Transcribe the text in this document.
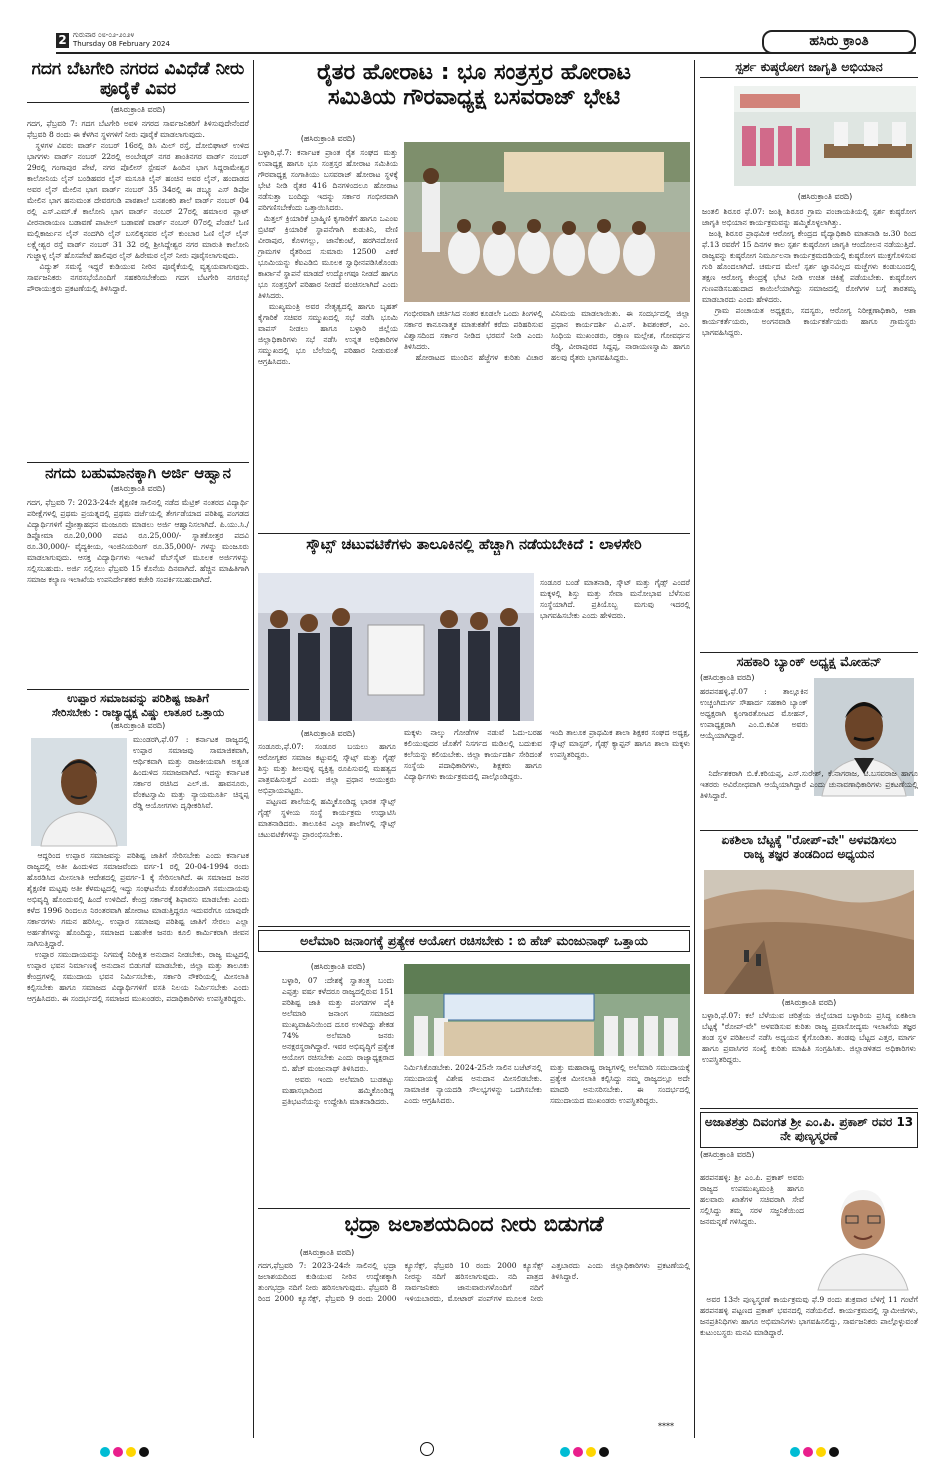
2 ಗುರುವಾರ ೦೮-೦೨-೨೦೨೪
Thursday 08 February 2024	ಹಸಿರು ಕ್ರಾಂತಿ
ಗದಗ ಬೆಟಗೇರಿ ನಗರದ ವಿವಿಧೆಡೆ ನೀರು ಪೂರೈಕೆ ವಿವರ
(ಹಸಿರುಕ್ರಾಂತಿ ವರದಿ)
ಗದಗ, ಫೆಬ್ರವರಿ 7: ಗದಗ ಬೆಟಗೇರಿ ಅವಳಿ ನಗರದ ಸಾರ್ವಜನಿಕರಿಗೆ ತಿಳಿಸುವುದೇನೆಂದರೆ ಫೆಬ್ರವರಿ 8 ರಂದು ಈ ಕೆಳಗಿನ ಸ್ಥಳಗಳಿಗೆ ನೀರು ಪೂರೈಕೆ ಮಾಡಲಾಗುವುದು.
ಸ್ಥಳಗಳ ವಿವರ: ವಾರ್ಡ್ ನಂಬರ್ 16ರಲ್ಲಿ ಡಿಸಿ ಮಿಲ್ ರಸ್ತೆ, ದೋಬಿಘಾಟ್ ಉಳಿದ ಭಾಗಗಳು ವಾರ್ಡ್ ನಂಬರ್ 22ರಲ್ಲಿ ಅಂಬೇಡ್ಕರ್ ನಗರ ಶಾಂತಿನಗರ ವಾರ್ಡ್ ನಂಬರ್ 29ರಲ್ಲಿ ಗಂಗಾಪುರ ಪೇಟೆ, ನಗರ ಪೊಲೀಸ್ ಸ್ಟೇಷನ್ ಹಿಂದಿನ ಭಾಗ ಸಿದ್ದರಾಮೇಶ್ವರ ಕಾಲೋನಿಯ ಲೈನ್ ಬಂಡಿಹವರ ಲೈನ್ ಮಸೂತಿ ಲೈನ್ ಹಂಚಿನ ಅವರ ಲೈನ್, ಹಂದಾಡದ ಅವರ ಲೈನ್ ಮೇಲಿನ ಭಾಗ ವಾರ್ಡ್ ನಂಬರ್ 35 34ರಲ್ಲಿ ಈ ಡಬ್ಲ್ಯೂ ಎಸ್ ಡಿಪೋ ಮೇಲಿನ ಭಾಗ ಹನುಮಂತ ದೇವರಗುಡಿ ಪಾಠಶಾಲೆ ಬನಶಂಕರಿ ಶಾಲೆ ವಾರ್ಡ್ ನಂಬರ್ 04 ರಲ್ಲಿ ಎಸ್.ಎಮ್.ಕೆ ಕಾಲೋನಿ ಭಾಗ ವಾರ್ಡ್ ನಂಬರ್ 27ರಲ್ಲಿ ಹಮಾಲರ ಪ್ಲಾಟ್ ವೀರನಾರಾಯಣ ಬಡಾವಣೆ ಪಾಟೀಲ್ ಬಡಾವಣೆ ವಾರ್ಡ್ ನಂಬರ್ 07ರಲ್ಲಿ ಪೆಂಡಲೆ ಓಣಿ ಮಲ್ಲಿಕಾರ್ಜುನ ಲೈನ್ ನಂದಗಿರಿ ಲೈನ್ ಬಸಲಿಕ್ಕನವರ ಲೈನ್ ಕುಂಬಾರ ಓಣಿ ಲೈನ್ ಲೈನ್ ಲಕ್ಷ್ಮೇಶ್ವರ ರಸ್ತೆ ವಾರ್ಡ್ ನಂಬರ್ 31 32 ರಲ್ಲಿ ಶ್ರೀಸಿದ್ದೇಶ್ವರ ನಗರ ಮಾರುತಿ ಕಾಲೋನಿ ಗುಜ್ಜಾಳ್ಳ ಲೈನ್ ಹೊಸಪೇಟೆ ಹಾಲಿಪುರ ಲೈನ್ ಹಿರೇಮಠ ಲೈನ್ ನೀರು ಪೂರೈಸಲಾಗುವುದು.
ವಿದ್ಯುತ್ ಸಮಸ್ಯೆ ಇದ್ದರೆ ಕುಡಿಯುವ ನೀರಿನ ಪೂರೈಕೆಯಲ್ಲಿ ವ್ಯತ್ಯಯವಾಗುವುದು. ಸಾರ್ವಜನಿಕರು ನಗರಸಭೆಯೊಂದಿಗೆ ಸಹಕರಿಸಬೇಕೆಂದು ಗದಗ ಬೆಟಗೇರಿ ನಗರಸಭೆ ಪೌರಾಯುಕ್ತರು ಪ್ರಕಟಣೆಯಲ್ಲಿ ತಿಳಿಸಿದ್ದಾರೆ.
ನಗದು ಬಹುಮಾನಕ್ಕಾಗಿ ಅರ್ಜಿ ಆಹ್ವಾನ
(ಹಸಿರುಕ್ರಾಂತಿ ವರದಿ)
ಗದಗ, ಫೆಬ್ರವರಿ 7: 2023-24ನೇ ಶೈಕ್ಷಣಿಕ ಸಾಲಿನಲ್ಲಿ ನಡೆದ ಮೆಟ್ರಿಕ್ ನಂತರದ ವಿದ್ಯಾರ್ಥಿ ಪರೀಕ್ಷೆಗಳಲ್ಲಿ ಪ್ರಥಮ ಪ್ರಯತ್ನದಲ್ಲಿ ಪ್ರಥಮ ದರ್ಜೆಯಲ್ಲಿ ತೇರ್ಗಡೆಯಾದ ಪರಿಶಿಷ್ಟ ಪಂಗಡದ ವಿದ್ಯಾರ್ಥಿಗಳಿಗೆ ಪ್ರೋತ್ಸಾಹಧನ ಮಂಜೂರು ಮಾಡಲು ಅರ್ಜಿ ಆಹ್ವಾನಿಸಲಾಗಿದೆ. ಪಿ.ಯು.ಸಿ./ಡಿಪ್ಲೋಮಾ ರೂ.20,000 ಪದವಿ ರೂ.25,000/- ಸ್ನಾತಕೋತ್ತರ ಪದವಿ ರೂ.30,000/- ವೈದ್ಯಕೀಯ, ಇಂಜಿನಿಯರಿಂಗ್ ರೂ.35,000/- ಗಳನ್ನು ಮಂಜೂರು ಮಾಡಲಾಗುವುದು. ಆಸಕ್ತ ವಿದ್ಯಾರ್ಥಿಗಳು ಇಲಾಖೆ ವೆಬ್‌ಸೈಟ್ ಮೂಲಕ ಅರ್ಜಿಗಳನ್ನು ಸಲ್ಲಿಸಬಹುದು. ಅರ್ಜಿ ಸಲ್ಲಿಸಲು ಫೆಬ್ರವರಿ 15 ಕೊನೆಯ ದಿನವಾಗಿದೆ. ಹೆಚ್ಚಿನ ಮಾಹಿತಿಗಾಗಿ ಸಮಾಜ ಕಲ್ಯಾಣ ಇಲಾಖೆಯ ಉಪನಿರ್ದೇಶಕರ ಕಚೇರಿ ಸಂಪರ್ಕಿಸಬಹುದಾಗಿದೆ.
ಉಪ್ಪಾರ ಸಮಾಜವನ್ನು ಪರಿಶಿಷ್ಟ ಜಾತಿಗೆ
ಸೇರಿಸಬೇಕು : ರಾಜ್ಯಾಧ್ಯಕ್ಷ ವಿಷ್ಣು ಲಾತೂರ ಒತ್ತಾಯ
(ಹಸಿರುಕ್ರಾಂತಿ ವರದಿ)
ಮುಂಡರಗಿ,ಫೆ.07 : ಕರ್ನಾಟಕ ರಾಜ್ಯದಲ್ಲಿ ಉಪ್ಪಾರ ಸಮಾಜವು ಸಾಮಾಜಿಕವಾಗಿ, ಆರ್ಥಿಕವಾಗಿ ಮತ್ತು ರಾಜಕೀಯವಾಗಿ ಅತ್ಯಂತ ಹಿಂದುಳಿದ ಸಮಾಜವಾಗಿದೆ. ಇದನ್ನು ಕರ್ನಾಟಕ ಸರ್ಕಾರ ರಚಿಸಿದ ಎಲ್.ಜಿ. ಹಾವನೂರು, ವೆಂಕಟಸ್ವಾಮಿ ಮತ್ತು ನ್ಯಾಯಮೂರ್ತಿ ಚಿನ್ನಪ್ಪ ರೆಡ್ಡಿ ಆಯೋಗಗಳು ದೃಢೀಕರಿಸಿವೆ.
ಆದ್ದರಿಂದ ಉಪ್ಪಾರ ಸಮಾಜವನ್ನು ಪರಿಶಿಷ್ಟ ಜಾತಿಗೆ ಸೇರಿಸಬೇಕು ಎಂದು ಕರ್ನಾಟಕ ರಾಜ್ಯದಲ್ಲಿ ಅತೀ ಹಿಂದುಳಿದ ಸಮಾಜವೆಂದು ವರ್ಗ-1 ರಲ್ಲಿ 20-04-1994 ರಂದು ಹೊರಡಿಸಿದ ಮೀಸಲಾತಿ ಆದೇಶದಲ್ಲಿ ಪ್ರವರ್ಗ-1 ಕ್ಕೆ ಸೇರಿಸಲಾಗಿದೆ. ಈ ಸಮಾಜದ ಜನರ ಶೈಕ್ಷಣಿಕ ಮಟ್ಟವು ಅತೀ ಕೆಳಮಟ್ಟದಲ್ಲಿ ಇದ್ದು ಸಂಘಟನೆಯ ಕೊರತೆಯಿಂದಾಗಿ ಸಮುದಾಯವು ಅಭಿವೃದ್ಧಿ ಹೊಂದುವಲ್ಲಿ ಹಿಂದೆ ಉಳಿದಿದೆ. ಕೇಂದ್ರ ಸರ್ಕಾರಕ್ಕೆ ಶಿಫಾರಸು ಮಾಡಬೇಕು ಎಂದು ಕಳೆದ 1996 ರಿಂದಲೂ ನಿರಂತರವಾಗಿ ಹೋರಾಟ ಮಾಡುತ್ತಿದ್ದರೂ ಇದುವರೆಗೂ ಯಾವುದೇ ಸರ್ಕಾರಗಳು ಗಮನ ಹರಿಸಿಲ್ಲ. ಉಪ್ಪಾರ ಸಮಾಜವು ಪರಿಶಿಷ್ಟ ಜಾತಿಗೆ ಸೇರಲು ಎಲ್ಲಾ ಅರ್ಹತೆಗಳನ್ನು ಹೊಂದಿದ್ದು, ಸಮಾಜದ ಬಹುತೇಕ ಜನರು ಕೂಲಿ ಕಾರ್ಮಿಕರಾಗಿ ಜೀವನ ಸಾಗಿಸುತ್ತಿದ್ದಾರೆ.
ಉಪ್ಪಾರ ಸಮುದಾಯವನ್ನು ನಿಗಮಕ್ಕೆ ನಿರೀಕ್ಷಿತ ಅನುದಾನ ನೀಡಬೇಕು, ರಾಜ್ಯ ಮಟ್ಟದಲ್ಲಿ ಉಪ್ಪಾರ ಭವನ ನಿರ್ಮಾಣಕ್ಕೆ ಅನುದಾನ ಬಿಡುಗಡೆ ಮಾಡಬೇಕು, ಜಿಲ್ಲಾ ಮತ್ತು ತಾಲೂಕು ಕೇಂದ್ರಗಳಲ್ಲಿ ಸಮುದಾಯ ಭವನ ನಿರ್ಮಿಸಬೇಕು, ಸರ್ಕಾರಿ ನೌಕರಿಯಲ್ಲಿ ಮೀಸಲಾತಿ ಕಲ್ಪಿಸಬೇಕು ಹಾಗೂ ಸಮಾಜದ ವಿದ್ಯಾರ್ಥಿಗಳಿಗೆ ವಸತಿ ನಿಲಯ ನಿರ್ಮಿಸಬೇಕು ಎಂದು ಆಗ್ರಹಿಸಿದರು. ಈ ಸಂದರ್ಭದಲ್ಲಿ ಸಮಾಜದ ಮುಖಂಡರು, ಪದಾಧಿಕಾರಿಗಳು ಉಪಸ್ಥಿತರಿದ್ದರು.
ರೈತರ ಹೋರಾಟ : ಭೂ ಸಂತ್ರಸ್ತರ ಹೋರಾಟ
ಸಮಿತಿಯ ಗೌರವಾಧ್ಯಕ್ಷ ಬಸವರಾಜ್ ಭೇಟಿ
(ಹಸಿರುಕ್ರಾಂತಿ ವರದಿ)
ಬಳ್ಳಾರಿ,ಫೆ.7: ಕರ್ನಾಟಕ ಪ್ರಾಂತ ರೈತ ಸಂಘದ ಮತ್ತು ಉಪಾಧ್ಯಕ್ಷ ಹಾಗೂ ಭೂ ಸಂತ್ರಸ್ತರ ಹೋರಾಟ ಸಮಿತಿಯ ಗೌರವಾಧ್ಯಕ್ಷ ಸಂಗಾತಿಯು ಬಸವರಾಜ್ ಹೋರಾಟ ಸ್ಥಳಕ್ಕೆ ಭೇಟಿ ನೀಡಿ ರೈತರ 416 ದಿನಗಳಿಂದಲೂ ಹೋರಾಟ ನಡೆಸುತ್ತಾ ಬಂದಿದ್ದು ಇದನ್ನು ಸರ್ಕಾರ ಗಂಭೀರವಾಗಿ ಪರಿಗಣಿಸಬೇಕೆಂದು ಒತ್ತಾಯಿಸಿದರು.
ಮಿತ್ತಲ್ ಕ್ರಿಯಾರಿಕೆ ಬ್ರಾಹ್ಮಿಣಿ ಕೃಗಾರಿಕೆಗೆ ಹಾಗೂ ಒಎಂಐ ಬ್ರಿಟಿಷ್ ಕ್ರಿಯಾರಿಕೆ ಸ್ಥಾಪನೆಗಾಗಿ ಕುಡುತಿನಿ, ವೇಣಿ ವೀರಾಪುರ, ಕೊಳಗಲ್ಲು, ಜಾನೆಕುಂಟೆ, ಹರಗಿನದೋಣಿ ಗ್ರಾಮಗಳ ರೈತರಿಂದ ಸುಮಾರು 12500 ಎಕರೆ ಭೂಮಿಯನ್ನು ಕೆಐಎಡಿಬಿ ಮೂಲಕ ಸ್ವಾಧೀನಪಡಿಸಿಕೊಂಡು ಕಾರ್ಖಾನೆ ಸ್ಥಾಪನೆ ಮಾಡದೆ ಉದ್ಯೋಗವೂ ನೀಡದೆ ಹಾಗೂ ಭೂ ಸಂತ್ರಸ್ತರಿಗೆ ಪರಿಹಾರ ನೀಡದೆ ವಂಚಿಸಲಾಗಿದೆ ಎಂದು ತಿಳಿಸಿದರು.
ಮುಖ್ಯಮಂತ್ರಿ ಅವರ ನೇತೃತ್ವದಲ್ಲಿ ಹಾಗೂ ಬೃಹತ್ ಕೈಗಾರಿಕೆ ಸಚಿವರ ಸಮ್ಮುಖದಲ್ಲಿ ಸಭೆ ನಡೆಸಿ ಭೂಮಿ ವಾಪಸ್ ನೀಡಲು ಹಾಗೂ ಬಳ್ಳಾರಿ ಜಿಲ್ಲೆಯ ಜಿಲ್ಲಾಧಿಕಾರಿಗಳು ಸಭೆ ನಡೆಸಿ ಉನ್ನತ ಅಧಿಕಾರಿಗಳ ಸಮ್ಮುಖದಲ್ಲಿ ಭೂ ಬೆಲೆಯಲ್ಲಿ ಪರಿಹಾರ ನೀಡುವಂತೆ ಆಗ್ರಹಿಸಿದರು.
ಗಂಭೀರವಾಗಿ ಚರ್ಚಿಸಿದ ನಂತರ ಕೂಡಲೇ ಒಂದು ತಿಂಗಳಲ್ಲಿ ಸರ್ಕಾರ ಕಾನೂನಾತ್ಮಕ ಮಾತುಕತೆಗೆ ಕರೆದು ಪರಿಹರಿಸುವ ವಿಶ್ವಾಸದಿಂದ ಸರ್ಕಾರ ನೀಡಿದ ಭರವಸೆ ನೀಡಿ ಎಂದು ತಿಳಿಸಿದರು.
ಹೋರಾಟದ ಮುಂದಿನ ಹೆಜ್ಜೆಗಳ ಕುರಿತು ವಿಚಾರ ವಿನಿಮಯ ಮಾಡಲಾಯಿತು. ಈ ಸಂದರ್ಭದಲ್ಲಿ ಜಿಲ್ಲಾ ಪ್ರಧಾನ ಕಾರ್ಯದರ್ಶಿ ವಿ.ಎಸ್. ಶಿವಶಂಕರ್, ಎಂ. ಸಿಂಧಿಯ ಮುಖಂಡರು, ರಕ್ತಾಣ ಮಲ್ಲೇಶ, ಗೋವರ್ಧನ ರೆಡ್ಡಿ, ವೀರಾಪುರದ ಸಿದ್ದಪ್ಪ, ನಾರಾಯಣಸ್ವಾಮಿ ಹಾಗೂ ಹಲವು ರೈತರು ಭಾಗವಹಿಸಿದ್ದರು.
ಸ್ಕೌಟ್ಸ್ ಚಟುವಟಿಕೆಗಳು ತಾಲೂಕಿನಲ್ಲಿ ಹೆಚ್ಚಾಗಿ ನಡೆಯಬೇಕಿದೆ : ಲಾಳಸೇರಿ
ಸಂಡೂರ ಬಂಡೆ ಮಾತನಾಡಿ, ಸ್ಕೌಟ್ ಮತ್ತು ಗೈಡ್ಸ್ ಎಂದರೆ ಮಕ್ಕಳಲ್ಲಿ ಶಿಸ್ತು ಮತ್ತು ಸೇವಾ ಮನೋಭಾವ ಬೆಳೆಸುವ ಸಂಸ್ಥೆಯಾಗಿದೆ. ಪ್ರತಿಯೊಬ್ಬ ಮಗುವು ಇದರಲ್ಲಿ ಭಾಗವಹಿಸಬೇಕು ಎಂದು ಹೇಳಿದರು.
(ಹಸಿರುಕ್ರಾಂತಿ ವರದಿ)
ಸಂಡೂರು,ಫೆ.07: ಸಂಡೂರ ಬಯಲು ಹಾಗೂ ಆರೋಗ್ಯಕರ ಸಮಾಜ ಕಟ್ಟುವಲ್ಲಿ ಸ್ಕೌಟ್ಸ್ ಮತ್ತು ಗೈಡ್ಸ್ ಶಿಸ್ತು ಮತ್ತು ಶೀಲವುಳ್ಳ ವ್ಯಕ್ತಿತ್ವ ರೂಪಿಸುವಲ್ಲಿ ಮಹತ್ವದ ಪಾತ್ರವಹಿಸುತ್ತದೆ ಎಂದು ಜಿಲ್ಲಾ ಪ್ರಧಾನ ಆಯುಕ್ತರು ಅಭಿಪ್ರಾಯಪಟ್ಟರು.
ಪಟ್ಟಣದ ಶಾಲೆಯಲ್ಲಿ ಹಮ್ಮಿಕೊಂಡಿದ್ದ ಭಾರತ ಸ್ಕೌಟ್ಸ್ ಗೈಡ್ಸ್ ಸ್ಥಳೀಯ ಸಂಸ್ಥೆ ಕಾರ್ಯಕ್ರಮ ಉದ್ಘಾಟಿಸಿ ಮಾತನಾಡಿದರು. ತಾಲೂಕಿನ ಎಲ್ಲಾ ಶಾಲೆಗಳಲ್ಲಿ ಸ್ಕೌಟ್ಸ್ ಚಟುವಟಿಕೆಗಳನ್ನು ಪ್ರಾರಂಭಿಸಬೇಕು.
ಮಕ್ಕಳು ನಾಲ್ಕು ಗೋಡೆಗಳ ನಡುವೆ ಓದು-ಬರಹ ಕಲಿಯುವುದರ ಜೊತೆಗೆ ನಿಸರ್ಗದ ಮಡಿಲಲ್ಲಿ ಬದುಕುವ ಕಲೆಯನ್ನು ಕಲಿಯಬೇಕು. ಜಿಲ್ಲಾ ಕಾರ್ಯದರ್ಶಿ ಸೇರಿದಂತೆ ಸಂಸ್ಥೆಯ ಪದಾಧಿಕಾರಿಗಳು, ಶಿಕ್ಷಕರು ಹಾಗೂ ವಿದ್ಯಾರ್ಥಿಗಳು ಕಾರ್ಯಕ್ರಮದಲ್ಲಿ ಪಾಲ್ಗೊಂಡಿದ್ದರು.
ಇಂದಿ ತಾಲೂಕ ಪ್ರಾಥಮಿಕ ಶಾಲಾ ಶಿಕ್ಷಕರ ಸಂಘದ ಅಧ್ಯಕ್ಷ, ಸ್ಕೌಟ್ಸ್ ಮಾಸ್ಟರ್, ಗೈಡ್ಸ್ ಕ್ಯಾಪ್ಟನ್ ಹಾಗೂ ಶಾಲಾ ಮಕ್ಕಳು ಉಪಸ್ಥಿತರಿದ್ದರು.
ಅಲೆಮಾರಿ ಜನಾಂಗಕ್ಕೆ ಪ್ರತ್ಯೇಕ ಆಯೋಗ ರಚಿಸಬೇಕು : ಬಿ ಹೆಚ್ ಮಂಜುನಾಥ್ ಒತ್ತಾಯ
(ಹಸಿರುಕ್ರಾಂತಿ ವರದಿ)
ಬಳ್ಳಾರಿ, 07 :ದೇಶಕ್ಕೆ ಸ್ವಾತಂತ್ರ್ಯ ಬಂದು ಎಪ್ಪತ್ತು ವರ್ಷ ಕಳೆದರೂ ರಾಜ್ಯದಲ್ಲಿರುವ 151 ಪರಿಶಿಷ್ಟ ಜಾತಿ ಮತ್ತು ಪಂಗಡಗಳ ಪೈಕಿ ಅಲೆಮಾರಿ ಜನಾಂಗ ಸಮಾಜದ ಮುಖ್ಯವಾಹಿನಿಯಿಂದ ದೂರ ಉಳಿದಿದ್ದು ಶೇಕಡ 74% ಅಲೆಮಾರಿ ಜನರು ಅನಕ್ಷರಸ್ಥರಾಗಿದ್ದಾರೆ. ಇವರ ಅಭಿವೃದ್ಧಿಗೆ ಪ್ರತ್ಯೇಕ ಆಯೋಗ ರಚಿಸಬೇಕು ಎಂದು ರಾಜ್ಯಾಧ್ಯಕ್ಷರಾದ ಬಿ. ಹೆಚ್ ಮಂಜುನಾಥ್ ತಿಳಿಸಿದರು.
ಅವರು ಇಂದು ಅಲೆಮಾರಿ ಬುಡಕಟ್ಟು ಮಹಾಸಭಾದಿಂದ ಹಮ್ಮಿಕೊಂಡಿದ್ದ ಪ್ರತಿಭಟನೆಯನ್ನು ಉದ್ದೇಶಿಸಿ ಮಾತನಾಡಿದರು.
ನಿರ್ಮಿಸಿಕೊಡಬೇಕು. 2024-25ನೇ ಸಾಲಿನ ಬಜೆಟ್‌ನಲ್ಲಿ ಸಮುದಾಯಕ್ಕೆ ವಿಶೇಷ ಅನುದಾನ ಮೀಸಲಿಡಬೇಕು. ಸಾಮಾಜಿಕ ನ್ಯಾಯದಡಿ ಸೌಲಭ್ಯಗಳನ್ನು ಒದಗಿಸಬೇಕು ಎಂದು ಆಗ್ರಹಿಸಿದರು.
ಮತ್ತು ಮಹಾರಾಷ್ಟ್ರ ರಾಜ್ಯಗಳಲ್ಲಿ ಅಲೆಮಾರಿ ಸಮುದಾಯಕ್ಕೆ ಪ್ರತ್ಯೇಕ ಮೀಸಲಾತಿ ಕಲ್ಪಿಸಿದ್ದು ನಮ್ಮ ರಾಜ್ಯದಲ್ಲೂ ಅದೇ ಮಾದರಿ ಅನುಸರಿಸಬೇಕು. ಈ ಸಂದರ್ಭದಲ್ಲಿ ಸಮುದಾಯದ ಮುಖಂಡರು ಉಪಸ್ಥಿತರಿದ್ದರು.
ಭದ್ರಾ ಜಲಾಶಯದಿಂದ ನೀರು ಬಿಡುಗಡೆ
(ಹಸಿರುಕ್ರಾಂತಿ ವರದಿ)
ಗದಗ,ಫೆಬ್ರವರಿ 7: 2023-24ನೇ ಸಾಲಿನಲ್ಲಿ ಭದ್ರಾ ಜಲಾಶಯದಿಂದ ಕುಡಿಯುವ ನೀರಿನ ಉದ್ದೇಶಕ್ಕಾಗಿ ತುಂಗಭದ್ರಾ ನದಿಗೆ ನೀರು ಹರಿಸಲಾಗುವುದು. ಫೆಬ್ರವರಿ 8 ರಿಂದ 2000 ಕ್ಯೂಸೆಕ್ಸ್, ಫೆಬ್ರವರಿ 9 ರಂದು 2000 ಕ್ಯೂಸೆಕ್ಸ್, ಫೆಬ್ರವರಿ 10 ರಂದು 2000 ಕ್ಯೂಸೆಕ್ಸ್ ನೀರನ್ನು ನದಿಗೆ ಹರಿಸಲಾಗುವುದು. ನದಿ ಪಾತ್ರದ ಸಾರ್ವಜನಿಕರು ಜಾನುವಾರುಗಳೊಂದಿಗೆ ನದಿಗೆ ಇಳಿಯಬಾರದು, ಮೋಟಾರ್ ಪಂಪ್‌ಗಳ ಮೂಲಕ ನೀರು ಎತ್ತಬಾರದು ಎಂದು ಜಿಲ್ಲಾಧಿಕಾರಿಗಳು ಪ್ರಕಟಣೆಯಲ್ಲಿ ತಿಳಿಸಿದ್ದಾರೆ.
****
ಸ್ಪರ್ಶ ಕುಷ್ಠರೋಗ ಜಾಗೃತಿ ಅಭಿಯಾನ
(ಹಸಿರುಕ್ರಾಂತಿ ವರದಿ)
ಜಂತಲಿ ಶಿರೂರ ಫೆ.07: ಜಂತ್ಲಿ ಶಿರೂರ ಗ್ರಾಮ ಪಂಚಾಯತಿಯಲ್ಲಿ ಸ್ಪರ್ಶ ಕುಷ್ಠರೋಗ ಜಾಗೃತಿ ಅಭಿಯಾನ ಕಾರ್ಯಕ್ರಮವನ್ನು ಹಮ್ಮಿಕೊಳ್ಳಲಾಗಿತ್ತು.
ಜಂತ್ಲಿ ಶಿರೂರ ಪ್ರಾಥಮಿಕ ಆರೋಗ್ಯ ಕೇಂದ್ರದ ವೈದ್ಯಾಧಿಕಾರಿ ಮಾತನಾಡಿ ಜ.30 ರಿಂದ ಫೆ.13 ರವರೆಗೆ 15 ದಿನಗಳ ಕಾಲ ಸ್ಪರ್ಶ ಕುಷ್ಠರೋಗ ಜಾಗೃತಿ ಆಂದೋಲನ ನಡೆಯುತ್ತಿದೆ. ರಾಜ್ಯವನ್ನು ಕುಷ್ಠರೋಗ ನಿರ್ಮೂಲನಾ ಕಾರ್ಯಕ್ರಮದಡಿಯಲ್ಲಿ ಕುಷ್ಠರೋಗ ಮುಕ್ತಗೊಳಿಸುವ ಗುರಿ ಹೊಂದಲಾಗಿದೆ. ಚರ್ಮದ ಮೇಲೆ ಸ್ಪರ್ಶ ಜ್ಞಾನವಿಲ್ಲದ ಮಚ್ಚೆಗಳು ಕಂಡುಬಂದಲ್ಲಿ ತಕ್ಷಣ ಆರೋಗ್ಯ ಕೇಂದ್ರಕ್ಕೆ ಭೇಟಿ ನೀಡಿ ಉಚಿತ ಚಿಕಿತ್ಸೆ ಪಡೆಯಬೇಕು. ಕುಷ್ಠರೋಗ ಗುಣಪಡಿಸಬಹುದಾದ ಕಾಯಿಲೆಯಾಗಿದ್ದು ಸಮಾಜದಲ್ಲಿ ರೋಗಿಗಳ ಬಗ್ಗೆ ತಾರತಮ್ಯ ಮಾಡಬಾರದು ಎಂದು ಹೇಳಿದರು.
ಗ್ರಾಮ ಪಂಚಾಯತ ಅಧ್ಯಕ್ಷರು, ಸದಸ್ಯರು, ಆರೋಗ್ಯ ನಿರೀಕ್ಷಣಾಧಿಕಾರಿ, ಆಶಾ ಕಾರ್ಯಕರ್ತೆಯರು, ಅಂಗನವಾಡಿ ಕಾರ್ಯಕರ್ತೆಯರು ಹಾಗೂ ಗ್ರಾಮಸ್ಥರು ಭಾಗವಹಿಸಿದ್ದರು.
ಸಹಕಾರಿ ಬ್ಯಾಂಕ್ ಅಧ್ಯಕ್ಷ ಮೋಹನ್
(ಹಸಿರುಕ್ರಾಂತಿ ವರದಿ)
ಹರಪನಹಳ್ಳಿ,ಫೆ.07 : ತಾಲ್ಲೂಕಿನ ಉಚ್ಚಂಗಿದುರ್ಗ ಸೌಹಾರ್ದ ಸಹಕಾರಿ ಬ್ಯಾಂಕ್ ಅಧ್ಯಕ್ಷರಾಗಿ ಕೃಂಗಾರತೋಟದ ಮೋಹನ್, ಉಪಾಧ್ಯಕ್ಷರಾಗಿ ಎಂ.ಬಿ.ಕವಿತ ಅವರು ಆಯ್ಕೆಯಾಗಿದ್ದಾರೆ.
ನಿರ್ದೇಶಕರಾಗಿ ಬಿ.ಕೆ.ಕರಿಯಪ್ಪ, ಎಸ್.ಸುರೇಶ್, ಕೆ.ನಾಗರಾಜ, ಟಿ.ಬಸವರಾಜ ಹಾಗೂ ಇತರರು ಅವಿರೋಧವಾಗಿ ಆಯ್ಕೆಯಾಗಿದ್ದಾರೆ ಎಂದು ಚುನಾವಣಾಧಿಕಾರಿಗಳು ಪ್ರಕಟಣೆಯಲ್ಲಿ ತಿಳಿಸಿದ್ದಾರೆ.
ಏಕಶಿಲಾ ಬೆಟ್ಟಕ್ಕೆ "ರೋಪ್-ವೇ" ಅಳವಡಿಸಲು
ರಾಜ್ಯ ತಜ್ಞರ ತಂಡದಿಂದ ಅಧ್ಯಯನ
(ಹಸಿರುಕ್ರಾಂತಿ ವರದಿ)
ಬಳ್ಳಾರಿ,ಫೆ.07: ಕಲೆ ಬೆಳೆಯುವ ಚರಿತ್ರೆಯ ಜಿಲ್ಲೆಯಾದ ಬಳ್ಳಾರಿಯ ಪ್ರಸಿದ್ಧ ಏಕಶಿಲಾ ಬೆಟ್ಟಕ್ಕೆ "ರೋಪ್-ವೇ" ಅಳವಡಿಸುವ ಕುರಿತು ರಾಜ್ಯ ಪ್ರವಾಸೋದ್ಯಮ ಇಲಾಖೆಯ ತಜ್ಞರ ತಂಡ ಸ್ಥಳ ಪರಿಶೀಲನೆ ನಡೆಸಿ ಅಧ್ಯಯನ ಕೈಗೊಂಡಿತು. ತಂಡವು ಬೆಟ್ಟದ ಎತ್ತರ, ಮಾರ್ಗ ಹಾಗೂ ಪ್ರವಾಸಿಗರ ಸಂಖ್ಯೆ ಕುರಿತು ಮಾಹಿತಿ ಸಂಗ್ರಹಿಸಿತು. ಜಿಲ್ಲಾಡಳಿತದ ಅಧಿಕಾರಿಗಳು ಉಪಸ್ಥಿತರಿದ್ದರು.
ಅಜಾತಶತ್ರು ದಿವಂಗತ ಶ್ರೀ ಎಂ.ಪಿ. ಪ್ರಕಾಶ್ ರವರ 13 ನೇ ಪುಣ್ಯಸ್ಮರಣೆ
(ಹಸಿರುಕ್ರಾಂತಿ ವರದಿ)
ಹರಪನಹಳ್ಳಿ: ಶ್ರೀ ಎಂ.ಪಿ. ಪ್ರಕಾಶ್ ಅವರು ರಾಜ್ಯದ ಉಪಮುಖ್ಯಮಂತ್ರಿ ಹಾಗೂ ಹಲವಾರು ಖಾತೆಗಳ ಸಚಿವರಾಗಿ ಸೇವೆ ಸಲ್ಲಿಸಿದ್ದು ತಮ್ಮ ಸರಳ ಸಜ್ಜನಿಕೆಯಿಂದ ಜನಮನ್ನಣೆ ಗಳಿಸಿದ್ದರು.
ಅವರ 13ನೇ ಪುಣ್ಯಸ್ಮರಣೆ ಕಾರ್ಯಕ್ರಮವು ಫೆ.9 ರಂದು ಶುಕ್ರವಾರ ಬೆಳಿಗ್ಗೆ 11 ಗಂಟೆಗೆ ಹರಪನಹಳ್ಳಿ ಪಟ್ಟಣದ ಪ್ರಕಾಶ್ ಭವನದಲ್ಲಿ ನಡೆಯಲಿದೆ. ಕಾರ್ಯಕ್ರಮದಲ್ಲಿ ಸ್ವಾಮೀಜಿಗಳು, ಜನಪ್ರತಿನಿಧಿಗಳು ಹಾಗೂ ಅಭಿಮಾನಿಗಳು ಭಾಗವಹಿಸಲಿದ್ದು, ಸಾರ್ವಜನಿಕರು ಪಾಲ್ಗೊಳ್ಳುವಂತೆ ಕುಟುಂಬಸ್ಥರು ಮನವಿ ಮಾಡಿದ್ದಾರೆ.
